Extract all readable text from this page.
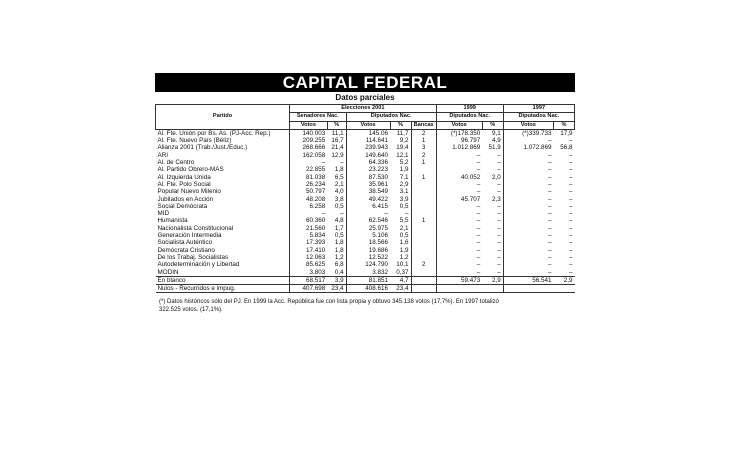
CAPITAL FEDERAL
Datos parciales
Partido	Elecciones 2001					1999		1997	
	Senadores Nac.		Diputados Nac.			Diputados Nac.		Diputados Nac.	
	Votos	%	Votos	%	Bancas	Votos	%	Votos	%
Al. Fte. Unión por Bs. As. (PJ-Acc. Rep.)	140.003	11,1	145.06	11,7	2	(*)178.350	9,1	(*)339.733	17,9
Al. Fte. Nuevo País (Béliz)	209.255	16,7	114.641	9,2	1	96.797	4,9	–	–
Alianza 2001 (Trab./Just./Educ.)	268.666	21,4	239.943	19,4	3	1.012.869	51,9	1.072.869	56,8
ARI	162.058	12,9	149.640	12,1	2	–	–	–	–
Al. de Centro	–	–	64.336	5,2	1	–	–	–	–
Al. Partido Obrero-MAS	22.855	1,8	23.223	1,9		–	–	–	–
Al. Izquierda Unida	81.038	6,5	87.530	7,1	1	40.052	2,0	–	–
Al. Fte. Polo Social	26.234	2,1	35.961	2,9		–	–	–	–
Popular Nuevo Milenio	50.797	4,0	38.549	3,1		–	–	–	–
Jubilados en Acción	48.208	3,8	49.422	3,9		45.707	2,3	–	–
Social Demócrata	6.258	0,5	6.415	0,5		–	–	–	–
MID	–	–	–	–		–	–	–	–
Humanista	60.360	4,8	62.546	5,5	1	–	–	–	–
Nacionalista Constitucional	21.560	1,7	25.975	2,1		–	–	–	–
Generación Intermedia	5.834	0,5	5.106	0,5		–	–	–	–
Socialista Auténtico	17.393	1,8	18.566	1,6		–	–	–	–
Demócrata Cristiano	17.410	1,8	19.686	1,9		–	–	–	–
De los Trabaj. Socialistas	12.063	1,2	12.522	1,2		–	–	–	–
Autodeterminación y Libertad	85.625	6,8	124.790	10,1	2	–	–	–	–
MODIN	3.803	0,4	3.832	0,37		–	–	–	–
En blanco	68.517	3,9	81.851	4,7		59.473	2,9	56.541	2,9
Nulos - Recurridos e impug.	407.698	23,4	408.616	23,4					
(*) Datos históricos sólo del PJ. En 1999 la Acc. República fue con lista propia y obtuvo 345.138 votos (17,7%). En 1997 totalizó
322.525 votos. (17,1%).
